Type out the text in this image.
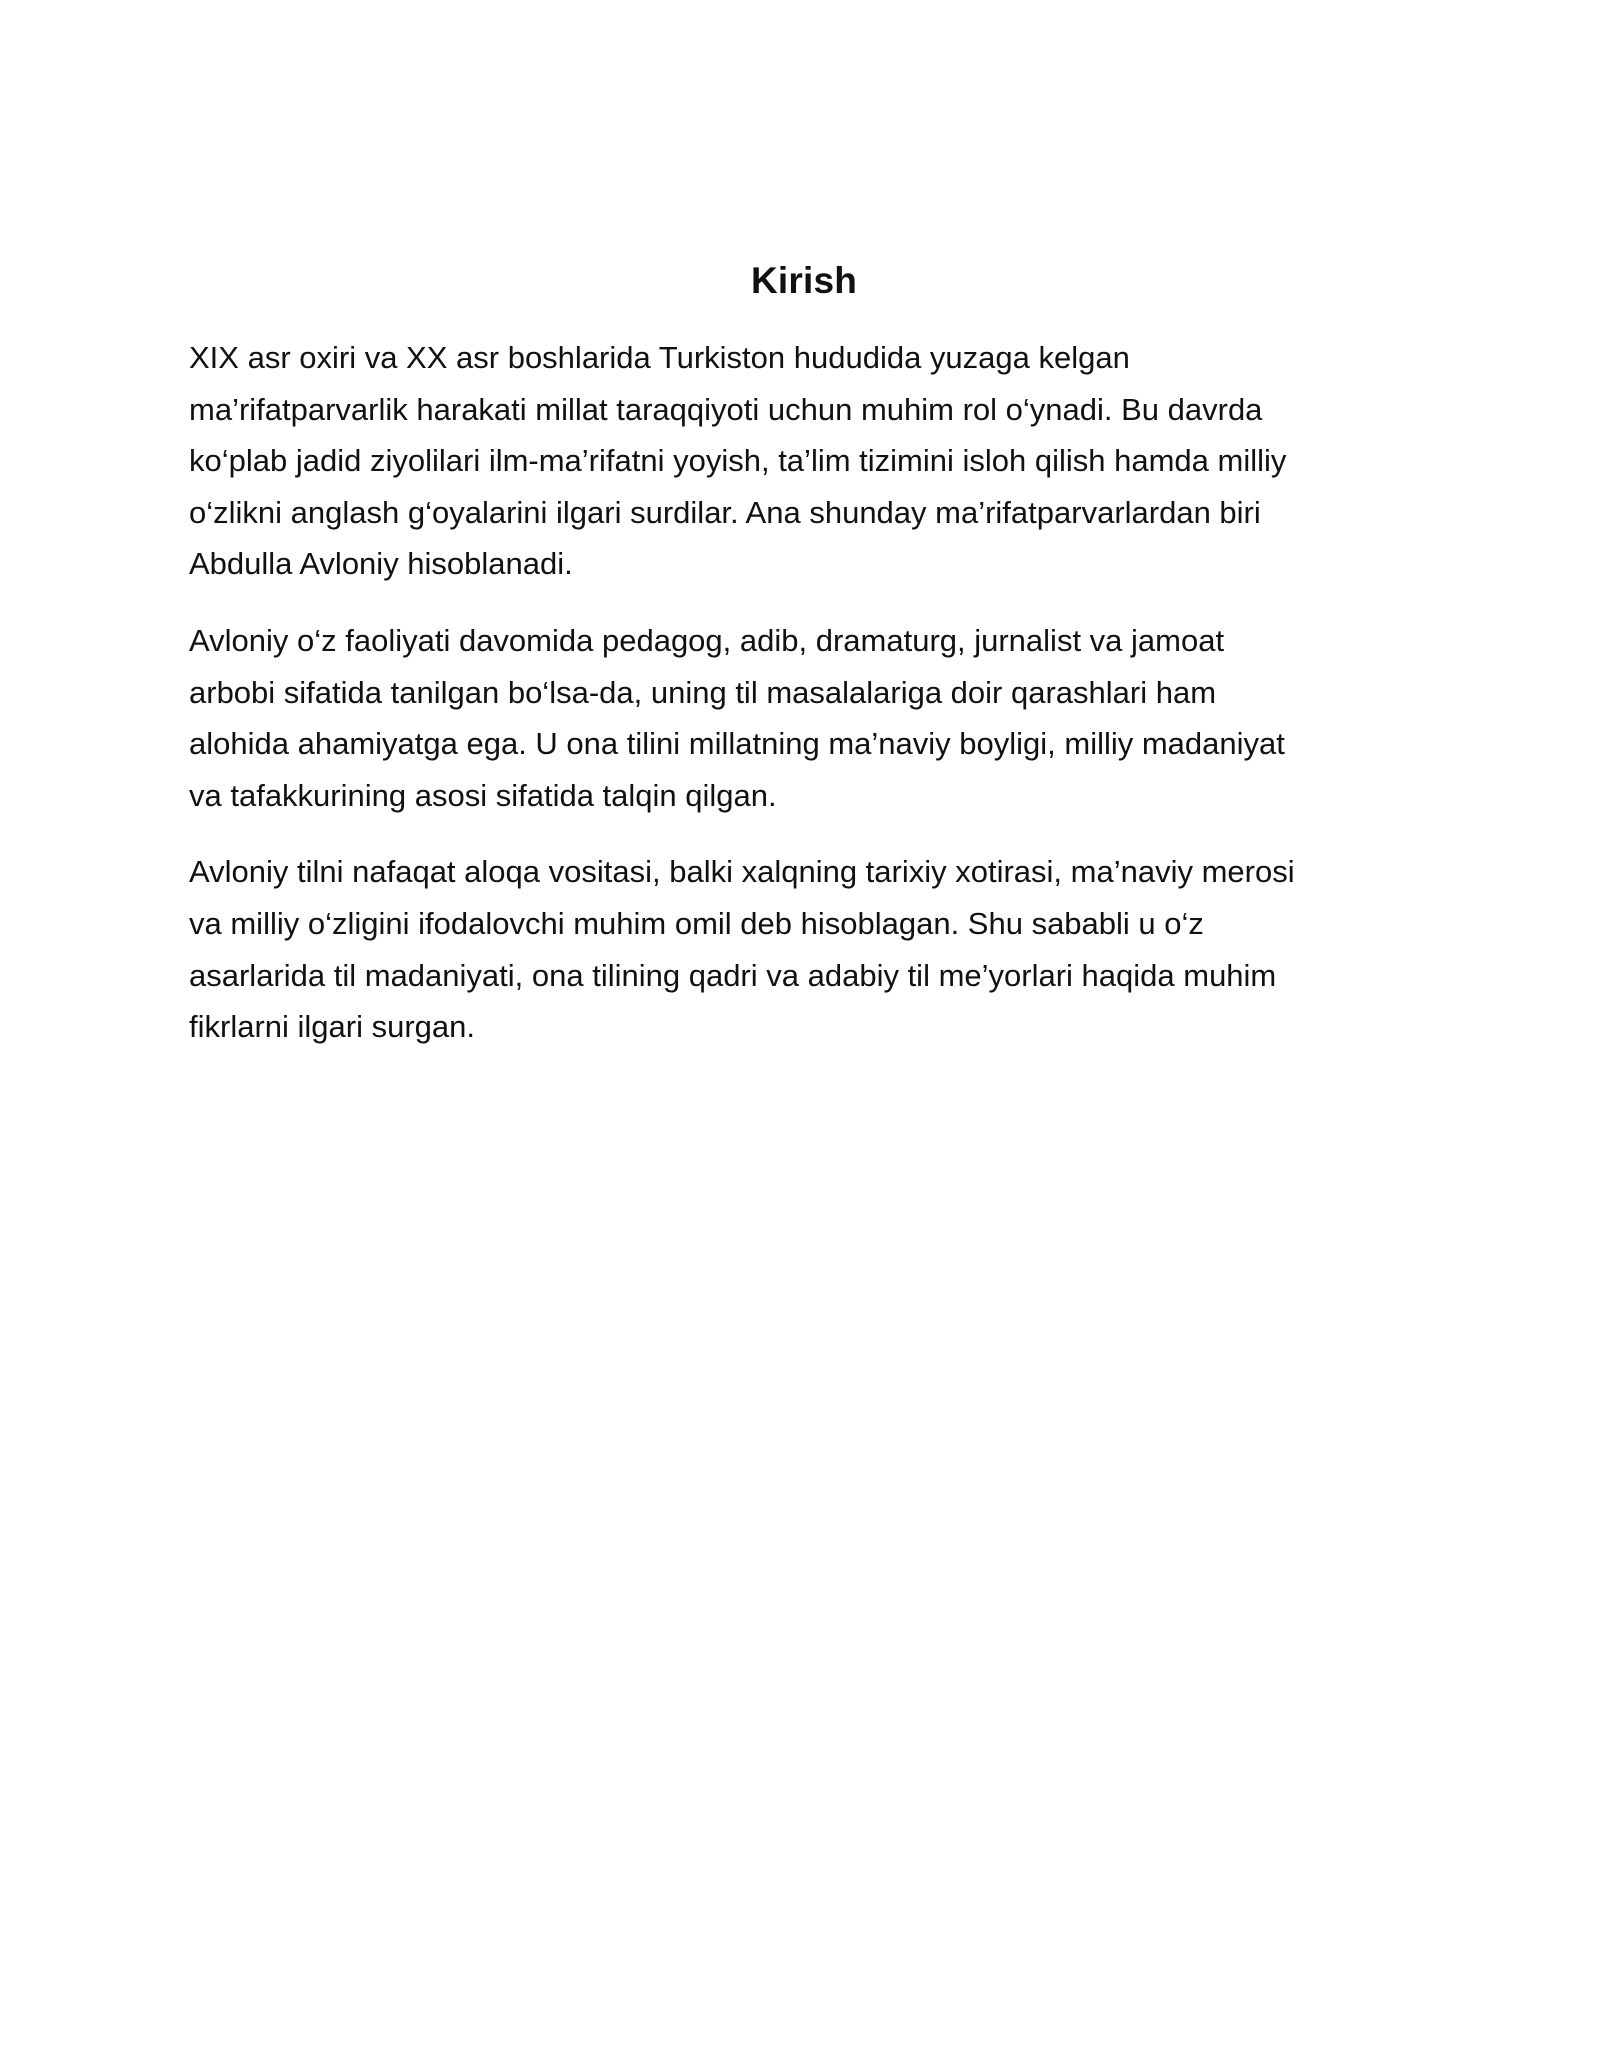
Kirish

XIX asr oxiri va XX asr boshlarida Turkiston hududida yuzaga kelgan
ma’rifatparvarlik harakati millat taraqqiyoti uchun muhim rol o‘ynadi. Bu davrda
ko‘plab jadid ziyolilari ilm-ma’rifatni yoyish, ta’lim tizimini isloh qilish hamda milliy
o‘zlikni anglash g‘oyalarini ilgari surdilar. Ana shunday ma’rifatparvarlardan biri
Abdulla Avloniy hisoblanadi.

Avloniy o‘z faoliyati davomida pedagog, adib, dramaturg, jurnalist va jamoat
arbobi sifatida tanilgan bo‘lsa-da, uning til masalalariga doir qarashlari ham
alohida ahamiyatga ega. U ona tilini millatning ma’naviy boyligi, milliy madaniyat
va tafakkurining asosi sifatida talqin qilgan.

Avloniy tilni nafaqat aloqa vositasi, balki xalqning tarixiy xotirasi, ma’naviy merosi
va milliy o‘zligini ifodalovchi muhim omil deb hisoblagan. Shu sababli u o‘z
asarlarida til madaniyati, ona tilining qadri va adabiy til me’yorlari haqida muhim
fikrlarni ilgari surgan.
